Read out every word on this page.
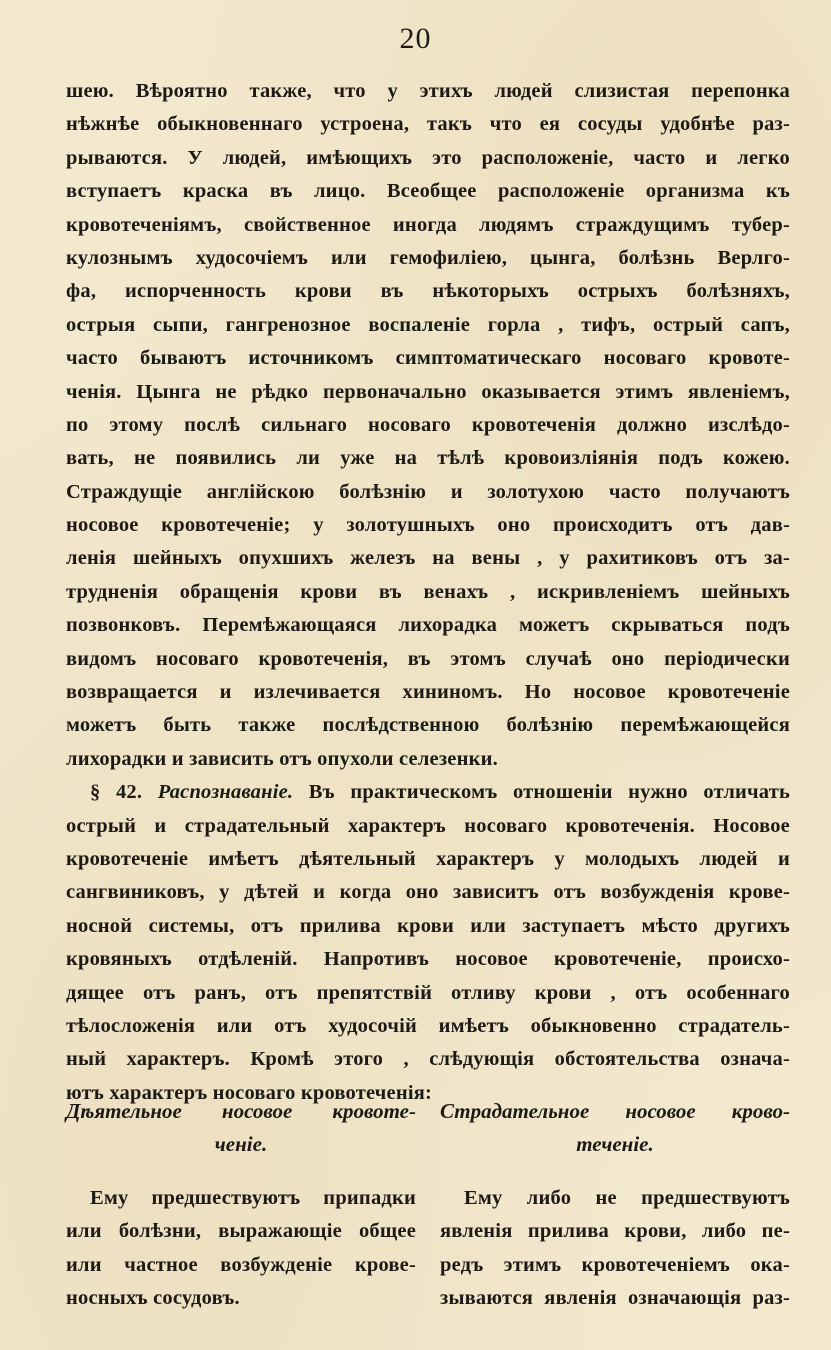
20
шею. Вѣроятно также, что у этихъ людей слизистая перепонка
нѣжнѣе обыкновеннаго устроена, такъ что ея сосуды удобнѣе раз-
рываются. У людей, имѣющихъ это расположеніе, часто и легко
вступаетъ краска въ лицо. Всеобщее расположеніе организма къ
кровотеченіямъ, свойственное иногда людямъ страждущимъ тубер-
кулознымъ худосочіемъ или гемофиліею, цынга, болѣзнь Верлго-
фа, испорченность крови въ нѣкоторыхъ острыхъ болѣзняхъ,
острыя сыпи, гангренозное воспаленіе горла , тифъ, острый сапъ,
часто бываютъ источникомъ симптоматическаго носоваго кровоте-
ченія. Цынга не рѣдко первоначально оказывается этимъ явленіемъ,
по этому послѣ сильнаго носоваго кровотеченія должно изслѣдо-
вать, не появились ли уже на тѣлѣ кровоизлiянія подъ кожею.
Страждущіе англійскою болѣзнію и золотухою часто получаютъ
носовое кровотеченіе; у золотушныхъ оно происходитъ отъ дав-
ленія шейныхъ опухшихъ железъ на вены , у рахитиковъ отъ за-
трудненія обращенія крови въ венахъ , искривленіемъ шейныхъ
позвонковъ. Перемѣжающаяся лихорадка можетъ скрываться подъ
видомъ носоваго кровотеченія, въ этомъ случаѣ оно періодически
возвращается и излечивается хининомъ. Но носовое кровотеченіе
можетъ быть также послѣдственною болѣзнію перемѣжающейся
лихорадки и зависить отъ опухоли селезенки.
§ 42. Распознаваніе. Въ практическомъ отношеніи нужно отличать
острый и страдательный характеръ носоваго кровотеченія. Носовое
кровотеченіе имѣетъ дѣятельный характеръ у молодыхъ людей и
сангвиниковъ, у дѣтей и когда оно зависитъ отъ возбужденія крове-
носной системы, отъ прилива крови или заступаетъ мѣсто другихъ
кровяныхъ отдѣленій. Напротивъ носовое кровотеченіе, происхо-
дящее отъ ранъ, отъ препятствій отливу крови , отъ особеннаго
тѣлосложенія или отъ худосочій имѣетъ обыкновенно страдатель-
ный характеръ. Кромѣ этого , слѣдующія обстоятельства означа-
ютъ характеръ носоваго кровотеченія:
Дѣятельное носовое кровоте-
ченіе.
Ему предшествуютъ припадки
или болѣзни, выражающіе общее
или частное возбужденіе крове-
носныхъ сосудовъ.
Страдательное носовое крово-
теченіе.
Ему либо не предшествуютъ
явленія прилива крови, либо пе-
редъ этимъ кровотеченіемъ ока-
зываются явленія означающія раз-
